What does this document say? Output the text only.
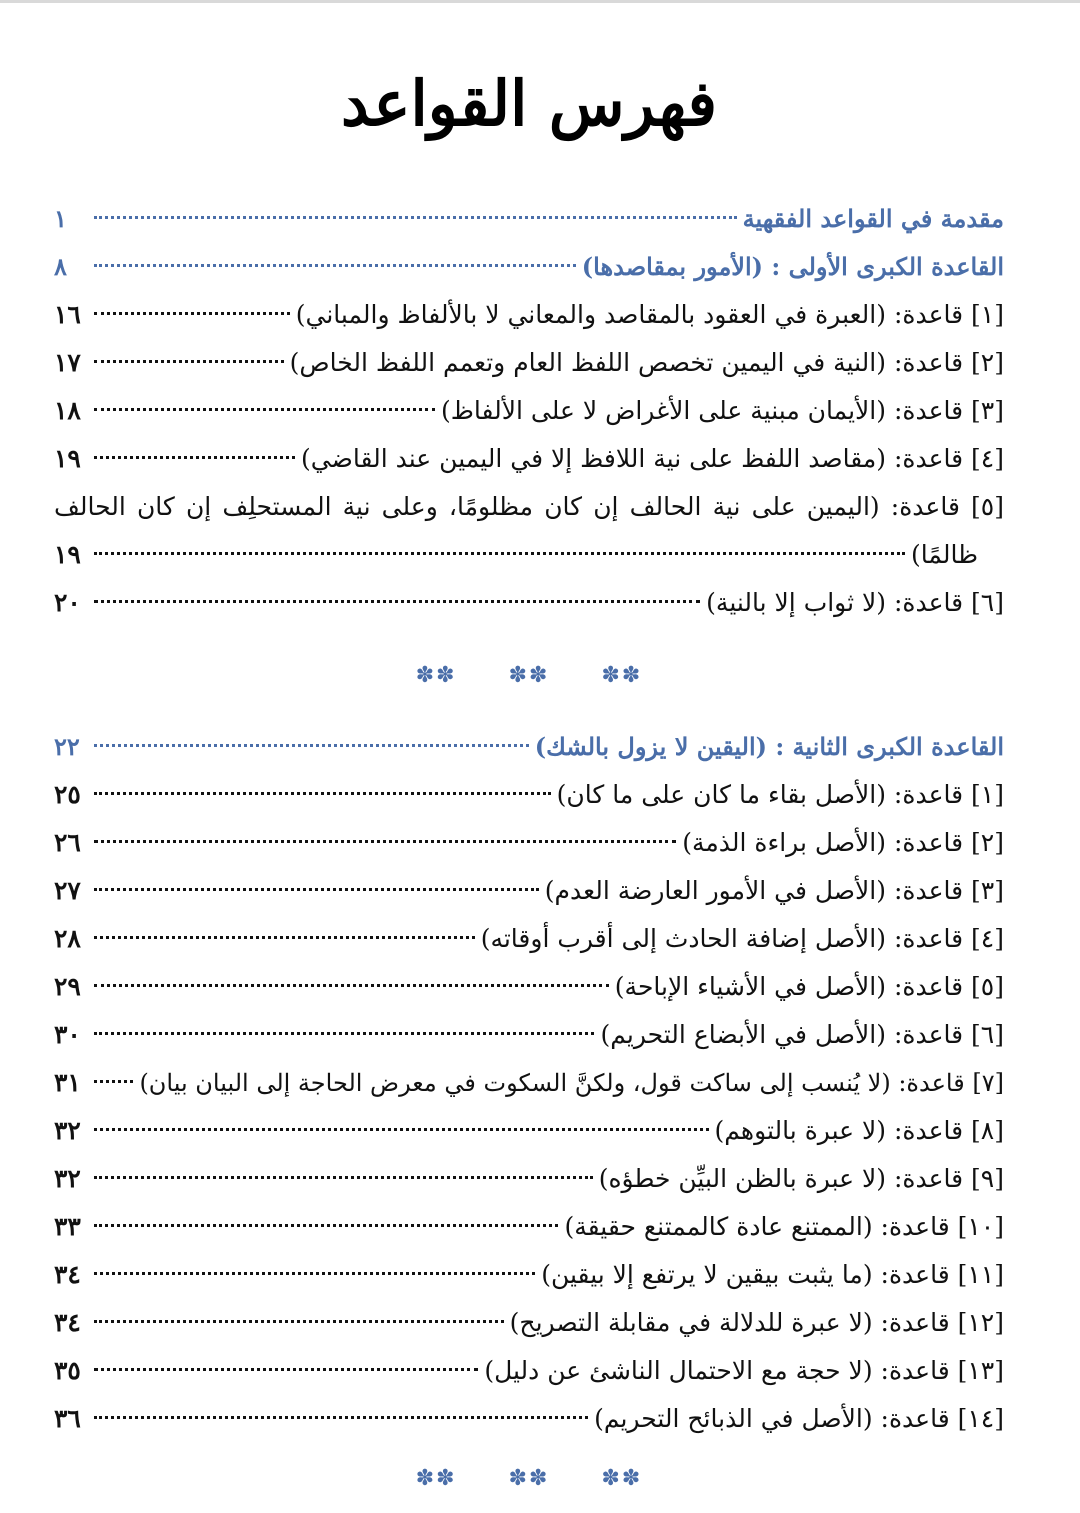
فهرس القواعد
مقدمة في القواعد الفقهية
١
القاعدة الكبرى الأولى : (الأمور بمقاصدها)
٨
[١] قاعدة: (العبرة في العقود بالمقاصد والمعاني لا بالألفاظ والمباني)
١٦
[٢] قاعدة: (النية في اليمين تخصص اللفظ العام وتعمم اللفظ الخاص)
١٧
[٣] قاعدة: (الأيمان مبنية على الأغراض لا على الألفاظ)
١٨
[٤] قاعدة: (مقاصد اللفظ على نية اللافظ إلا في اليمين عند القاضي)
١٩
[٥] قاعدة: (اليمين على نية الحالف إن كان مظلومًا، وعلى نية المستحلِف إن كان الحالف
ظالمًا)
١٩
[٦] قاعدة: (لا ثواب إلا بالنية)
٢٠
✽✽
✽✽
✽✽
القاعدة الكبرى الثانية : (اليقين لا يزول بالشك)
٢٢
[١] قاعدة: (الأصل بقاء ما كان على ما كان)
٢٥
[٢] قاعدة: (الأصل براءة الذمة)
٢٦
[٣] قاعدة: (الأصل في الأمور العارضة العدم)
٢٧
[٤] قاعدة: (الأصل إضافة الحادث إلى أقرب أوقاته)
٢٨
[٥] قاعدة: (الأصل في الأشياء الإباحة)
٢٩
[٦] قاعدة: (الأصل في الأبضاع التحريم)
٣٠
[٧] قاعدة: (لا يُنسب إلى ساكت قول، ولكنَّ السكوت في معرض الحاجة إلى البيان بيان)
٣١
[٨] قاعدة: (لا عبرة بالتوهم)
٣٢
[٩] قاعدة: (لا عبرة بالظن البيِّن خطؤه)
٣٢
[١٠] قاعدة: (الممتنع عادة كالممتنع حقيقة)
٣٣
[١١] قاعدة: (ما يثبت بيقين لا يرتفع إلا بيقين)
٣٤
[١٢] قاعدة: (لا عبرة للدلالة في مقابلة التصريح)
٣٤
[١٣] قاعدة: (لا حجة مع الاحتمال الناشئ عن دليل)
٣٥
[١٤] قاعدة: (الأصل في الذبائح التحريم)
٣٦
✽✽
✽✽
✽✽
